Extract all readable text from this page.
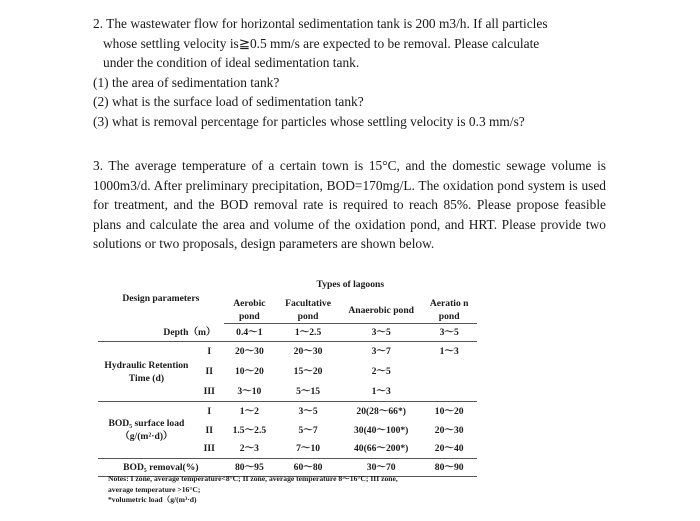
2. The wastewater flow for horizontal sedimentation tank is 200 m3/h. If all particles
whose settling velocity is≧0.5 mm/s are expected to be removal. Please calculate
under the condition of ideal sedimentation tank.
(1) the area of sedimentation tank?
(2) what is the surface load of sedimentation tank?
(3) what is removal percentage for particles whose settling velocity is 0.3 mm/s?

3. The average temperature of a certain town is 15°C, and the domestic sewage volume is 1000m3/d. After preliminary precipitation, BOD=170mg/L. The oxidation pond system is used for treatment, and the BOD removal rate is required to reach 85%. Please propose feasible plans and calculate the area and volume of the oxidation pond, and HRT. Please provide two solutions or two proposals, design parameters are shown below.

Design parameters		Types of lagoons			
		Aerobic pond	Facultative pond	Anaerobic pond	Aeratio n pond
Depth（m）		0.4～1	1～2.5	3～5	3～5
Hydraulic Retention Time (d)	I	20～30	20～30	3～7	1～3
	II	10～20	15～20	2～5	
	III	3～10	5～15	1～3	
BOD₅ surface load（g/(m²·d)）	I	1～2	3～5	20(28～66*)	10～20
	II	1.5～2.5	5～7	30(40～100*)	20～30
	III	2～3	7～10	40(66～200*)	20～40
BOD₅ removal(%)		80～95	60～80	30～70	80～90
Notes: I zone, average temperature<8°C; II zone, average temperature 8～16°C; III zone,
average temperature >16°C;
*volumetric load（g/(m³·d)
